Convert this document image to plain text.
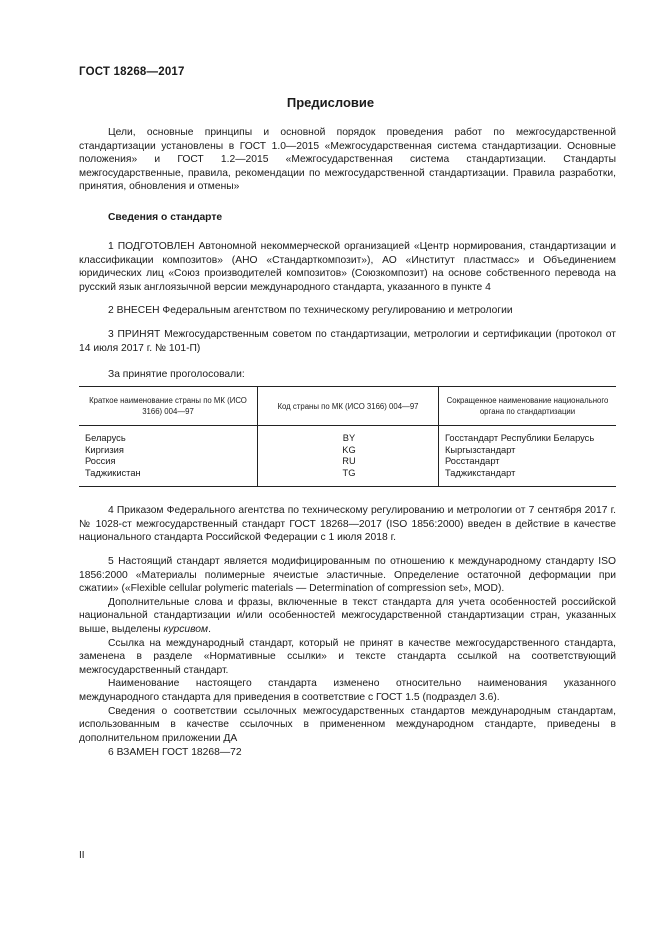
ГОСТ 18268—2017
Предисловие

Цели, основные принципы и основной порядок проведения работ по межгосударственной стандартизации установлены в ГОСТ 1.0—2015 «Межгосударственная система стандартизации. Основные положения» и ГОСТ 1.2—2015 «Межгосударственная система стандартизации. Стандарты межгосударственные, правила, рекомендации по межгосударственной стандартизации. Правила разработки, принятия, обновления и отмены»

Сведения о стандарте

1 ПОДГОТОВЛЕН Автономной некоммерческой организацией «Центр нормирования, стандартизации и классификации композитов» (АНО «Стандарткомпозит»), АО «Институт пластмасс» и Объединением юридических лиц «Союз производителей композитов» (Союзкомпозит) на основе собственного перевода на русский язык англоязычной версии международного стандарта, указанного в пункте 4

2 ВНЕСЕН Федеральным агентством по техническому регулированию и метрологии

3 ПРИНЯТ Межгосударственным советом по стандартизации, метрологии и сертификации (протокол от 14 июля 2017 г. № 101-П)

За принятие проголосовали:
Краткое наименование страны по МК (ИСО 3166) 004—97	Код страны по МК (ИСО 3166) 004—97	Сокращенное наименование национального органа по стандартизации
Беларусь	BY	Госстандарт Республики Беларусь
Киргизия	KG	Кыргызстандарт
Россия	RU	Росстандарт
Таджикистан	TG	Таджикстандарт

4 Приказом Федерального агентства по техническому регулированию и метрологии от 7 сентября 2017 г. № 1028-ст межгосударственный стандарт ГОСТ 18268—2017 (ISO 1856:2000) введен в действие в качестве национального стандарта Российской Федерации с 1 июля 2018 г.

5 Настоящий стандарт является модифицированным по отношению к международному стандарту ISO 1856:2000 «Материалы полимерные ячеистые эластичные. Определение остаточной деформации при сжатии» («Flexible cellular polymeric materials — Determination of compression set», MOD).

Дополнительные слова и фразы, включенные в текст стандарта для учета особенностей российской национальной стандартизации и/или особенностей межгосударственной стандартизации стран, указанных выше, выделены курсивом.

Ссылка на международный стандарт, который не принят в качестве межгосударственного стандарта, заменена в разделе «Нормативные ссылки» и тексте стандарта ссылкой на соответствующий межгосударственный стандарт.

Наименование настоящего стандарта изменено относительно наименования указанного международного стандарта для приведения в соответствие с ГОСТ 1.5 (подраздел 3.6).

Сведения о соответствии ссылочных межгосударственных стандартов международным стандартам, использованным в качестве ссылочных в примененном международном стандарте, приведены в дополнительном приложении ДА

6 ВЗАМЕН ГОСТ 18268—72

II
